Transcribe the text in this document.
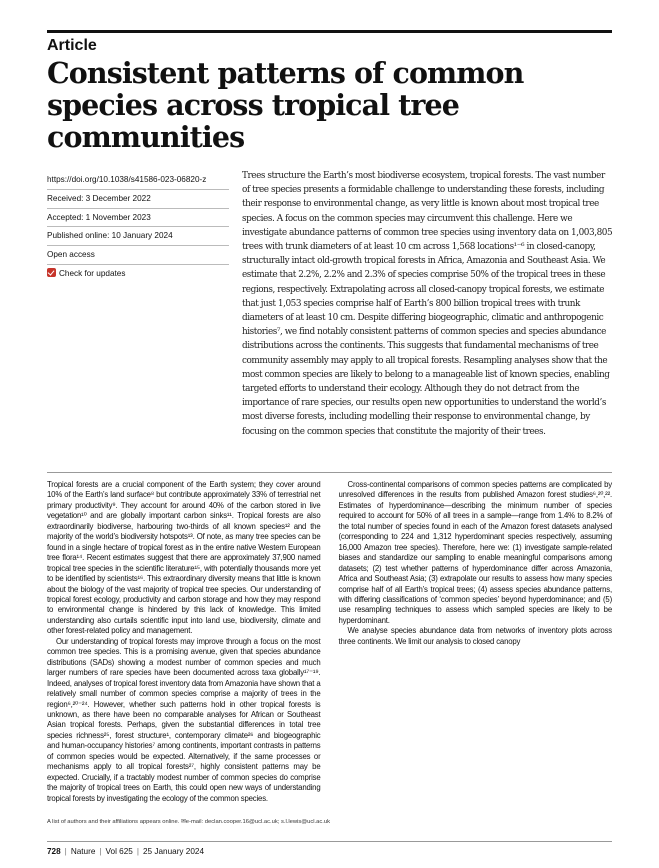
Article
Consistent patterns of common species across tropical tree communities
https://doi.org/10.1038/s41586-023-06820-z
Received: 3 December 2022
Accepted: 1 November 2023
Published online: 10 January 2024
Open access
Check for updates

Trees structure the Earth’s most biodiverse ecosystem, tropical forests. The vast number of tree species presents a formidable challenge to understanding these forests, including their response to environmental change, as very little is known about most tropical tree species. A focus on the common species may circumvent this challenge. Here we investigate abundance patterns of common tree species using inventory data on 1,003,805 trees with trunk diameters of at least 10 cm across 1,568 locations¹⁻⁶ in closed-canopy, structurally intact old-growth tropical forests in Africa, Amazonia and Southeast Asia. We estimate that 2.2%, 2.2% and 2.3% of species comprise 50% of the tropical trees in these regions, respectively. Extrapolating across all closed-canopy tropical forests, we estimate that just 1,053 species comprise half of Earth’s 800 billion tropical trees with trunk diameters of at least 10 cm. Despite differing biogeographic, climatic and anthropogenic histories⁷, we find notably consistent patterns of common species and species abundance distributions across the continents. This suggests that fundamental mechanisms of tree community assembly may apply to all tropical forests. Resampling analyses show that the most common species are likely to belong to a manageable list of known species, enabling targeted efforts to understand their ecology. Although they do not detract from the importance of rare species, our results open new opportunities to understand the world’s most diverse forests, including modelling their response to environmental change, by focusing on the common species that constitute the majority of their trees.

Tropical forests are a crucial component of the Earth system; they cover around 10% of the Earth’s land surface⁸ but contribute approximately 33% of terrestrial net primary productivity⁹. They account for around 40% of the carbon stored in live vegetation¹⁰ and are globally important carbon sinks¹¹. Tropical forests are also extraordinarily biodiverse, harbouring two-thirds of all known species¹² and the majority of the world’s biodiversity hotspots¹³. Of note, as many tree species can be found in a single hectare of tropical forest as in the entire native Western European tree flora¹⁴. Recent estimates suggest that there are approximately 37,900 named tropical tree species in the scientific literature¹⁵, with potentially thousands more yet to be identified by scientists¹⁶. This extraordinary diversity means that little is known about the biology of the vast majority of tropical tree species. Our understanding of tropical forest ecology, productivity and carbon storage and how they may respond to environmental change is hindered by this lack of knowledge. This limited understanding also curtails scientific input into land use, biodiversity, climate and other forest-related policy and management.

Our understanding of tropical forests may improve through a focus on the most common tree species. This is a promising avenue, given that species abundance distributions (SADs) showing a modest number of common species and much larger numbers of rare species have been documented across taxa globally¹⁷⁻¹⁹. Indeed, analyses of tropical forest inventory data from Amazonia have shown that a relatively small number of common species comprise a majority of trees in the region⁶,²⁰⁻²⁴. However, whether such patterns hold in other tropical forests is unknown, as there have been no comparable analyses for African or Southeast Asian tropical forests. Perhaps, given the substantial differences in total tree species richness²⁵, forest structure¹, contemporary climate²⁶ and biogeographic and human-occupancy histories⁷ among continents, important contrasts in patterns of common species would be expected. Alternatively, if the same processes or mechanisms apply to all tropical forests²⁷, highly consistent patterns may be expected. Crucially, if a tractably modest number of common species do comprise the majority of tropical trees on Earth, this could open new ways of understanding tropical forests by investigating the ecology of the common species.

Cross-continental comparisons of common species patterns are complicated by unresolved differences in the results from published Amazon forest studies⁶,²⁰,²². Estimates of hyperdominance—describing the minimum number of species required to account for 50% of all trees in a sample—range from 1.4% to 8.2% of the total number of species found in each of the Amazon forest datasets analysed (corresponding to 224 and 1,312 hyperdominant species respectively, assuming 16,000 Amazon tree species). Therefore, here we: (1) investigate sample-related biases and standardize our sampling to enable meaningful comparisons among datasets; (2) test whether patterns of hyperdominance differ across Amazonia, Africa and Southeast Asia; (3) extrapolate our results to assess how many species comprise half of all Earth’s tropical trees; (4) assess species abundance patterns, with differing classifications of ‘common species’ beyond hyperdominance; and (5) use resampling techniques to assess which sampled species are likely to be hyperdominant.

We analyse species abundance data from networks of inventory plots across three continents. We limit our analysis to closed canopy

A list of authors and their affiliations appears online. ✉e-mail: declan.cooper.16@ucl.ac.uk; s.l.lewis@ucl.ac.uk
728 | Nature | Vol 625 | 25 January 2024
